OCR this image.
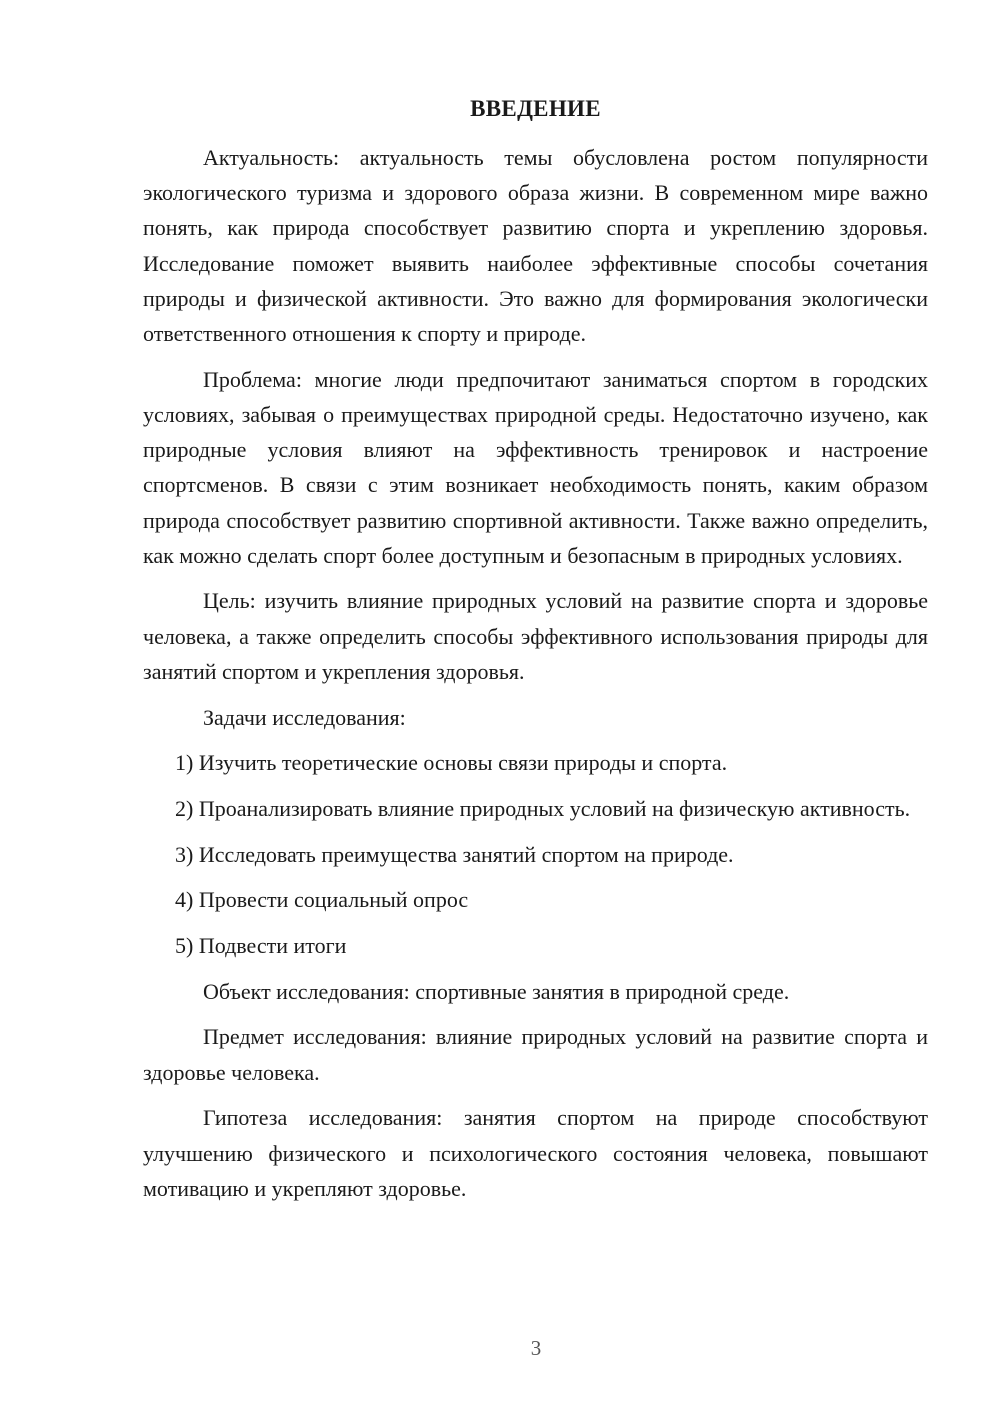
ВВЕДЕНИЕ

Актуальность: актуальность темы обусловлена ростом популярности экологического туризма и здорового образа жизни. В современном мире важно понять, как природа способствует развитию спорта и укреплению здоровья. Исследование поможет выявить наиболее эффективные способы сочетания природы и физической активности. Это важно для формирования экологически ответственного отношения к спорту и природе.

Проблема: многие люди предпочитают заниматься спортом в городских условиях, забывая о преимуществах природной среды. Недостаточно изучено, как природные условия влияют на эффективность тренировок и настроение спортсменов. В связи с этим возникает необходимость понять, каким образом природа способствует развитию спортивной активности. Также важно определить, как можно сделать спорт более доступным и безопасным в природных условиях.

Цель: изучить влияние природных условий на развитие спорта и здоровье человека, а также определить способы эффективного использования природы для занятий спортом и укрепления здоровья.

Задачи исследования:

1) Изучить теоретические основы связи природы и спорта.

2) Проанализировать влияние природных условий на физическую активность.

3) Исследовать преимущества занятий спортом на природе.

4) Провести социальный опрос

5) Подвести итоги

Объект исследования: спортивные занятия в природной среде.

Предмет исследования: влияние природных условий на развитие спорта и здоровье человека.

Гипотеза исследования: занятия спортом на природе способствуют улучшению физического и психологического состояния человека, повышают мотивацию и укрепляют здоровье.

3
